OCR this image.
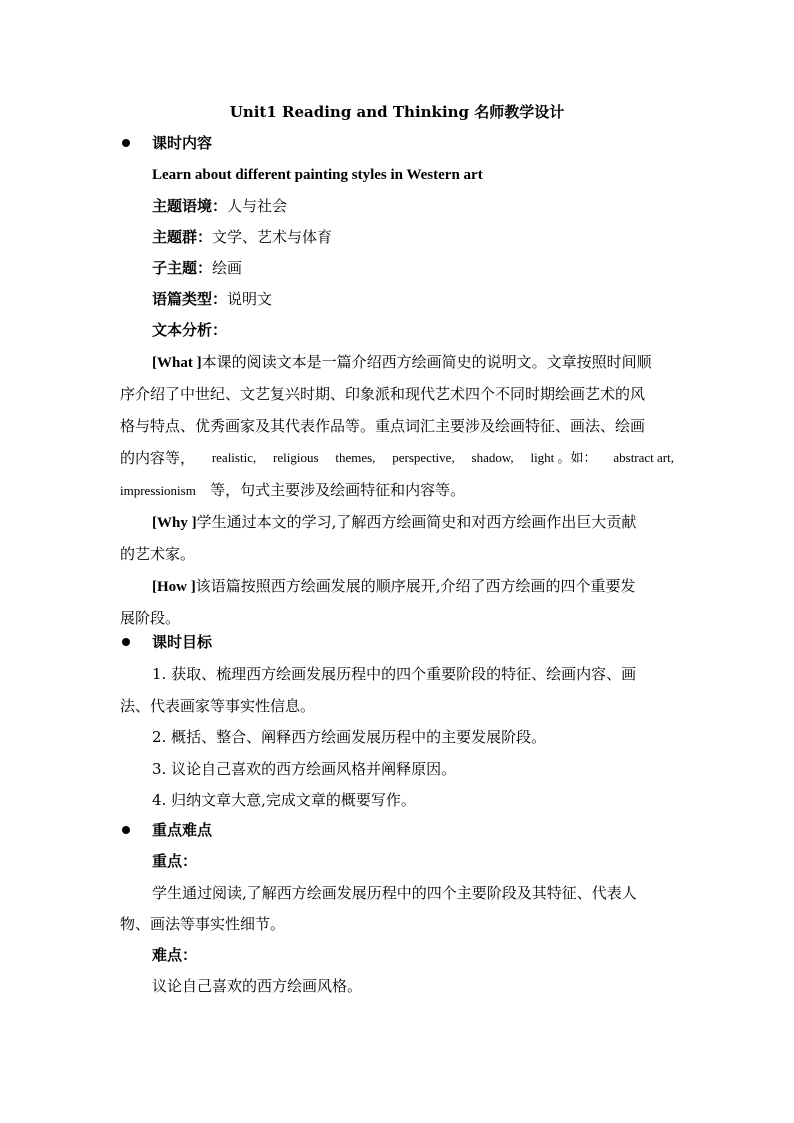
Unit1 Reading and Thinking 名师教学设计
课时内容
Learn about different painting styles in Western art
主题语境：人与社会
主题群：文学、艺术与体育
子主题：绘画
语篇类型：说明文
文本分析：
[What ]本课的阅读文本是一篇介绍西方绘画简史的说明文。文章按照时间顺
序介绍了中世纪、文艺复兴时期、印象派和现代艺术四个不同时期绘画艺术的风
格与特点、优秀画家及其代表作品等。重点词汇主要涉及绘画特征、画法、绘画
的内容等， realistic, religious themes, perspective, shadow, light 。如： abstract art,
impressionism 等，句式主要涉及绘画特征和内容等。
[Why ]学生通过本文的学习,了解西方绘画简史和对西方绘画作出巨大贡献
的艺术家。
[How ]该语篇按照西方绘画发展的顺序展开,介绍了西方绘画的四个重要发
展阶段。
课时目标
1. 获取、梳理西方绘画发展历程中的四个重要阶段的特征、绘画内容、画
法、代表画家等事实性信息。
2. 概括、整合、阐释西方绘画发展历程中的主要发展阶段。
3. 议论自己喜欢的西方绘画风格并阐释原因。
4. 归纳文章大意,完成文章的概要写作。
重点难点
重点：
学生通过阅读,了解西方绘画发展历程中的四个主要阶段及其特征、代表人
物、画法等事实性细节。
难点：
议论自己喜欢的西方绘画风格。
